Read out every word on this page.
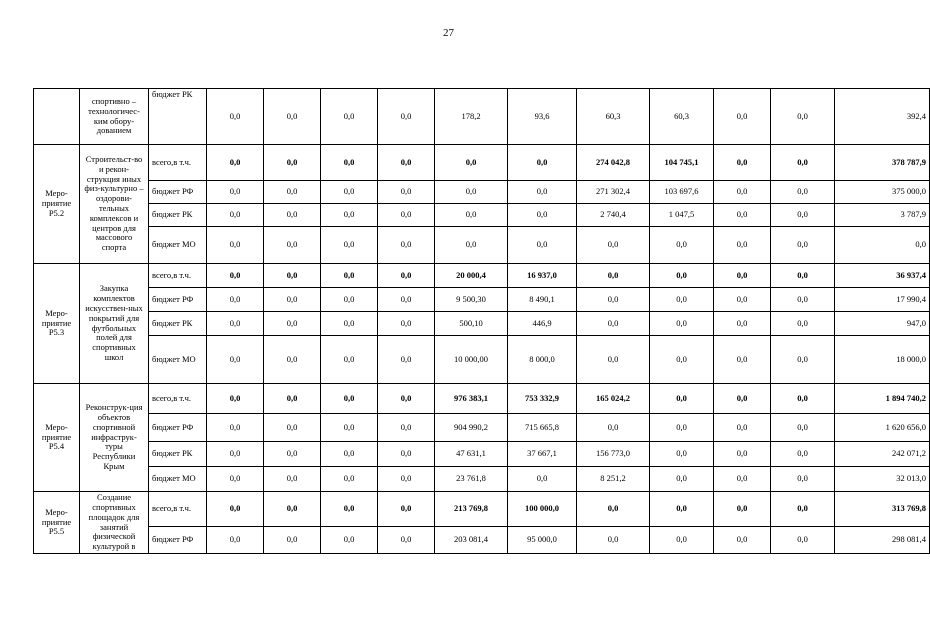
27
	спортивно – технологичес-ким обору-дованием	бюджет РК	0,0	0,0	0,0	0,0	178,2	93,6	60,3	60,3	0,0	0,0	392,4
Меро-приятие Р5.2	Строительст-во и рекон-струкция иных физ-культурно – оздорови-тельных комплексов и центров для массового спорта	всего,в т.ч.	0,0	0,0	0,0	0,0	0,0	0,0	274 042,8	104 745,1	0,0	0,0	378 787,9
		бюджет РФ	0,0	0,0	0,0	0,0	0,0	0,0	271 302,4	103 697,6	0,0	0,0	375 000,0
		бюджет РК	0,0	0,0	0,0	0,0	0,0	0,0	2 740,4	1 047,5	0,0	0,0	3 787,9
		бюджет МО	0,0	0,0	0,0	0,0	0,0	0,0	0,0	0,0	0,0	0,0	0,0
Меро-приятие Р5.3	Закупка комплектов искусствен-ных покрытий для футбольных полей для спортивных школ	всего,в т.ч.	0,0	0,0	0,0	0,0	20 000,4	16 937,0	0,0	0,0	0,0	0,0	36 937,4
		бюджет РФ	0,0	0,0	0,0	0,0	9 500,30	8 490,1	0,0	0,0	0,0	0,0	17 990,4
		бюджет РК	0,0	0,0	0,0	0,0	500,10	446,9	0,0	0,0	0,0	0,0	947,0
		бюджет МО	0,0	0,0	0,0	0,0	10 000,00	8 000,0	0,0	0,0	0,0	0,0	18 000,0
Меро-приятие Р5.4	Реконструк-ция объектов спортивной инфраструк-туры Республики Крым	всего,в т.ч.	0,0	0,0	0,0	0,0	976 383,1	753 332,9	165 024,2	0,0	0,0	0,0	1 894 740,2
		бюджет РФ	0,0	0,0	0,0	0,0	904 990,2	715 665,8	0,0	0,0	0,0	0,0	1 620 656,0
		бюджет РК	0,0	0,0	0,0	0,0	47 631,1	37 667,1	156 773,0	0,0	0,0	0,0	242 071,2
		бюджет МО	0,0	0,0	0,0	0,0	23 761,8	0,0	8 251,2	0,0	0,0	0,0	32 013,0
Меро-приятие Р5.5	Создание спортивных площадок для занятий физической культурой в	всего,в т.ч.	0,0	0,0	0,0	0,0	213 769,8	100 000,0	0,0	0,0	0,0	0,0	313 769,8
		бюджет РФ	0,0	0,0	0,0	0,0	203 081,4	95 000,0	0,0	0,0	0,0	0,0	298 081,4
